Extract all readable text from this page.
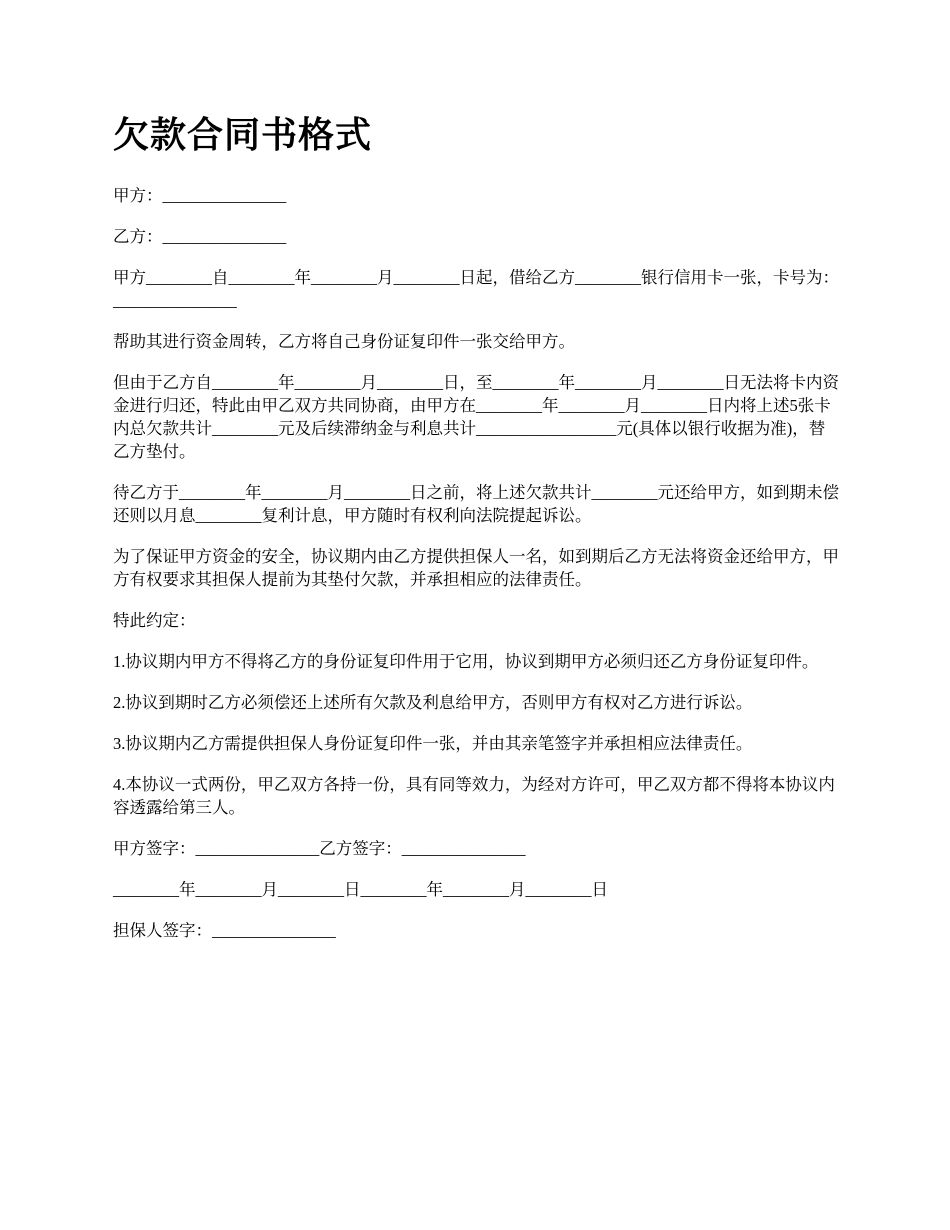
欠款合同书格式

甲方：_______________

乙方：_______________

甲方________自________年________月________日起，借给乙方________银行信用卡一张，卡号为：_______________

帮助其进行资金周转，乙方将自己身份证复印件一张交给甲方。

但由于乙方自________年________月________日，至________年________月________日无法将卡内资金进行归还，特此由甲乙双方共同协商，由甲方在________年________月________日内将上述5张卡内总欠款共计________元及后续滞纳金与利息共计_________________元(具体以银行收据为准)，替乙方垫付。

待乙方于________年________月________日之前，将上述欠款共计________元还给甲方，如到期未偿还则以月息________复利计息，甲方随时有权利向法院提起诉讼。

为了保证甲方资金的安全，协议期内由乙方提供担保人一名，如到期后乙方无法将资金还给甲方，甲方有权要求其担保人提前为其垫付欠款，并承担相应的法律责任。

特此约定：

1.协议期内甲方不得将乙方的身份证复印件用于它用，协议到期甲方必须归还乙方身份证复印件。

2.协议到期时乙方必须偿还上述所有欠款及利息给甲方，否则甲方有权对乙方进行诉讼。

3.协议期内乙方需提供担保人身份证复印件一张，并由其亲笔签字并承担相应法律责任。

4.本协议一式两份，甲乙双方各持一份，具有同等效力，为经对方许可，甲乙双方都不得将本协议内容透露给第三人。

甲方签字：_______________乙方签字：_______________

________年________月________日________年________月________日

担保人签字：_______________
